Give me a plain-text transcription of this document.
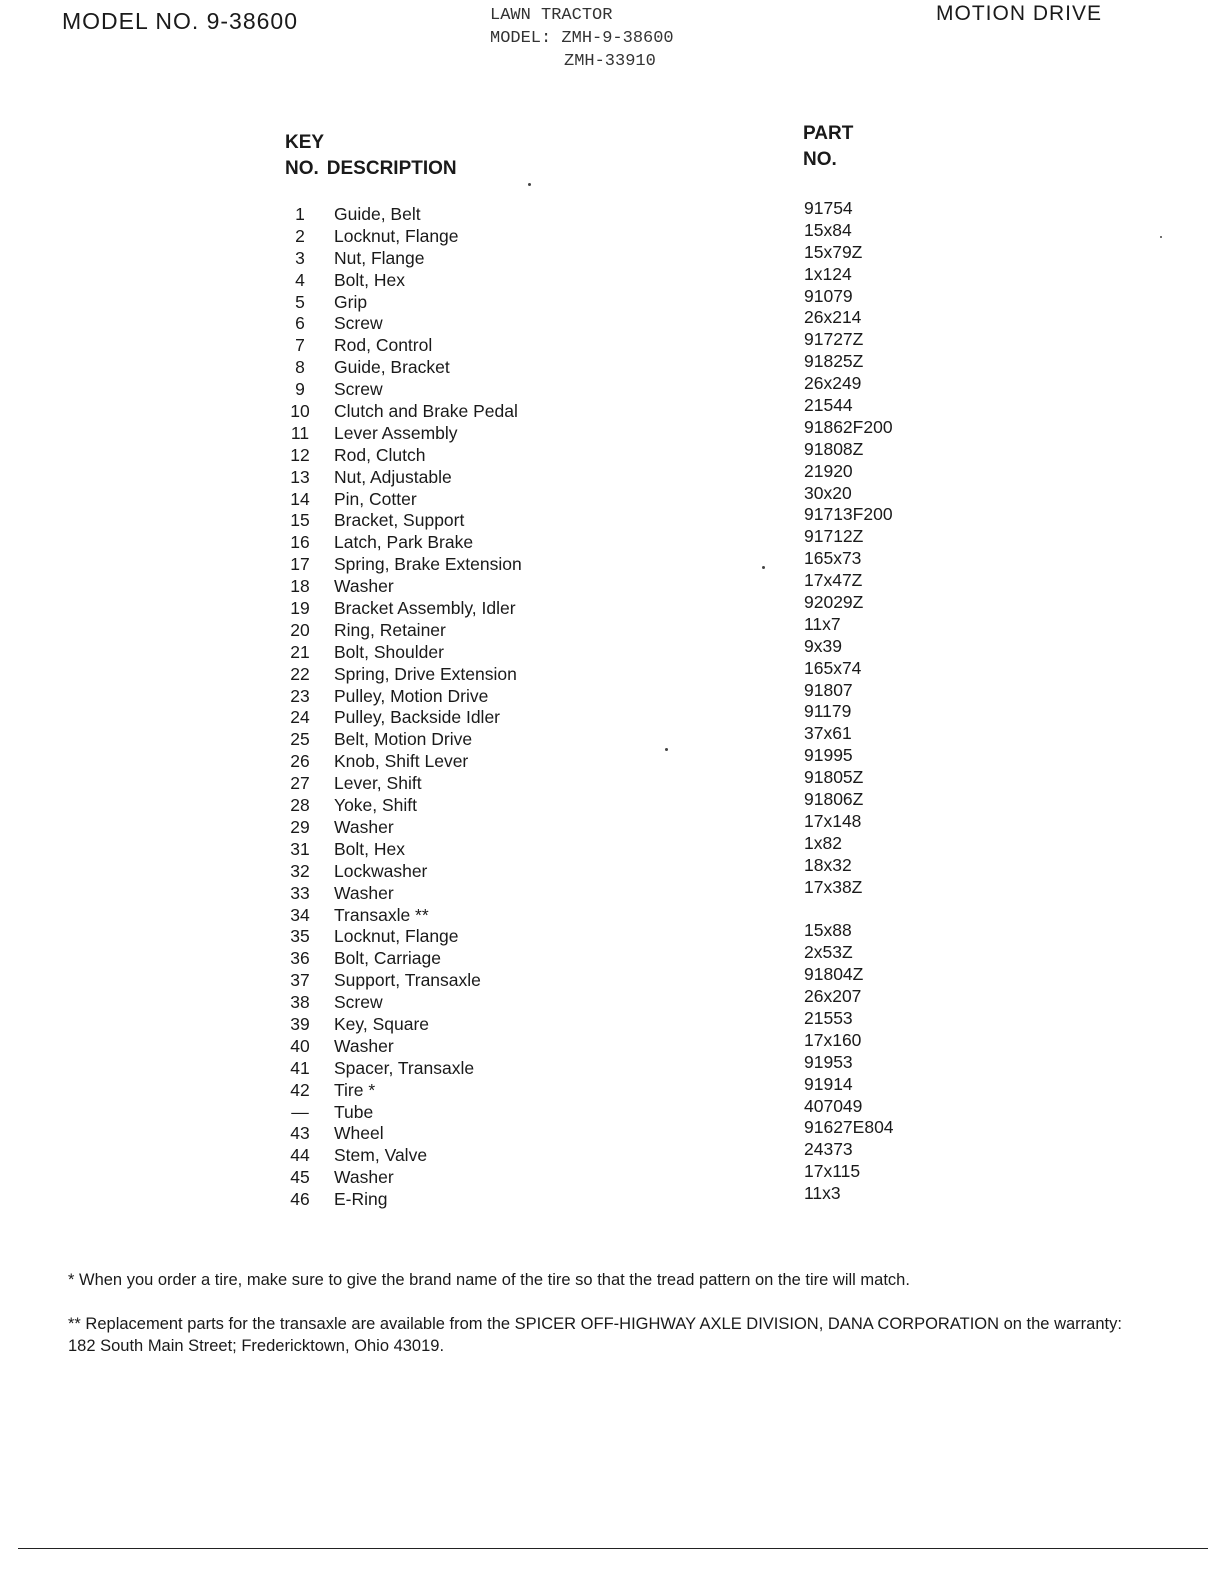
MODEL NO. 9-38600	LAWN TRACTOR
MODEL: ZMH-9-38600
ZMH-33910
MOTION DRIVE
KEY
NO. DESCRIPTION
PART
NO.
1	Guide, Belt	91754
2	Locknut, Flange	15x84
3	Nut, Flange	15x79Z
4	Bolt, Hex	1x124
5	Grip	91079
6	Screw	26x214
7	Rod, Control	91727Z
8	Guide, Bracket	91825Z
9	Screw	26x249
10	Clutch and Brake Pedal	21544
11	Lever Assembly	91862F200
12	Rod, Clutch	91808Z
13	Nut, Adjustable	21920
14	Pin, Cotter	30x20
15	Bracket, Support	91713F200
16	Latch, Park Brake	91712Z
17	Spring, Brake Extension	165x73
18	Washer	17x47Z
19	Bracket Assembly, Idler	92029Z
20	Ring, Retainer	11x7
21	Bolt, Shoulder	9x39
22	Spring, Drive Extension	165x74
23	Pulley, Motion Drive	91807
24	Pulley, Backside Idler	91179
25	Belt, Motion Drive	37x61
26	Knob, Shift Lever	91995
27	Lever, Shift	91805Z
28	Yoke, Shift	91806Z
29	Washer	17x148
31	Bolt, Hex	1x82
32	Lockwasher	18x32
33	Washer	17x38Z
34	Transaxle **
35	Locknut, Flange	15x88
36	Bolt, Carriage	2x53Z
37	Support, Transaxle	91804Z
38	Screw	26x207
39	Key, Square	21553
40	Washer	17x160
41	Spacer, Transaxle	91953
42	Tire *	91914
—	Tube	407049
43	Wheel	91627E804
44	Stem, Valve	24373
45	Washer	17x115
46	E-Ring	11x3
* When you order a tire, make sure to give the brand name of the tire so that the tread pattern on the tire will match.
** Replacement parts for the transaxle are available from the SPICER OFF-HIGHWAY AXLE DIVISION, DANA CORPORATION on the warranty: 182 South Main Street; Fredericktown, Ohio 43019.
